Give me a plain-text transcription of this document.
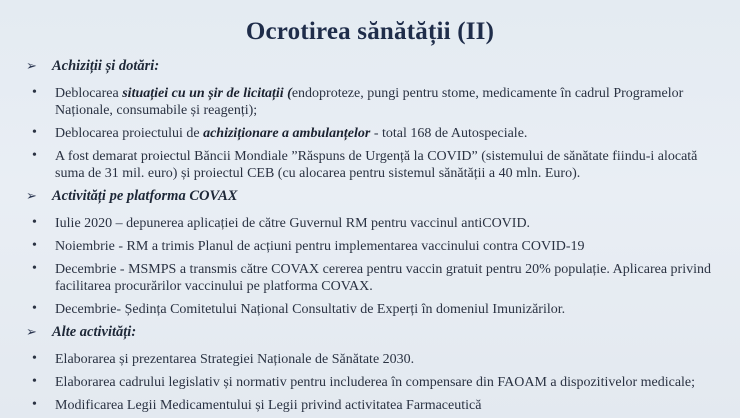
Ocrotirea sănătății (II)
➢ Achiziții și dotări:
• Deblocarea situației cu un șir de licitații (endoproteze, pungi pentru stome, medicamente în cadrul Programelor
Naționale, consumabile și reagenți);
• Deblocarea proiectului de achiziționare a ambulanțelor - total 168 de Autospeciale.
• A fost demarat proiectul Băncii Mondiale ”Răspuns de Urgență la COVID” (sistemului de sănătate fiindu-i alocată
suma de 31 mil. euro) și proiectul CEB (cu alocarea pentru sistemul sănătății a 40 mln. Euro).
➢ Activități pe platforma COVAX
• Iulie 2020 – depunerea aplicației de către Guvernul RM pentru vaccinul antiCOVID.
• Noiembrie - RM a trimis Planul de acțiuni pentru implementarea vaccinului contra COVID-19
• Decembrie - MSMPS a transmis către COVAX cererea pentru vaccin gratuit pentru 20% populație. Aplicarea privind
facilitarea procurărilor vaccinului pe platforma COVAX.
• Decembrie- Ședința Comitetului Național Consultativ de Experți în domeniul Imunizărilor.
➢ Alte activități:
• Elaborarea și prezentarea Strategiei Naționale de Sănătate 2030.
• Elaborarea cadrului legislativ și normativ pentru includerea în compensare din FAOAM a dispozitivelor medicale;
• Modificarea Legii Medicamentului și Legii privind activitatea Farmaceutică
